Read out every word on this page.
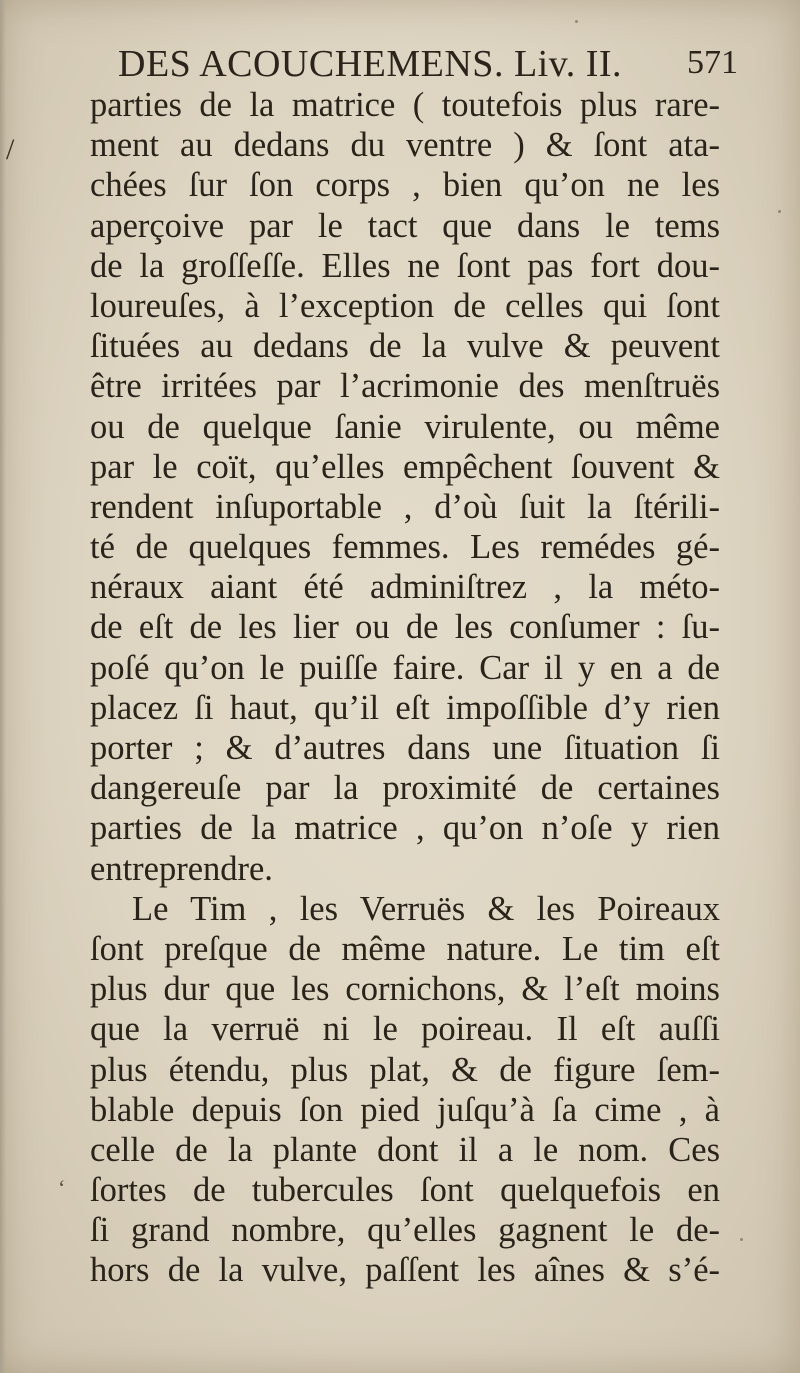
DES ACOUCHEMENS. Liv. II. 571
/
‘
parties de la matrice ( toutefois plus rare-
ment au dedans du ventre ) & ſont ata-
chées ſur ſon corps , bien qu’on ne les
aperçoive par le tact que dans le tems
de la groſſeſſe. Elles ne ſont pas fort dou-
loureuſes, à l’exception de celles qui ſont
ſituées au dedans de la vulve & peuvent
être irritées par l’acrimonie des menſtruës
ou de quelque ſanie virulente, ou même
par le coït, qu’elles empêchent ſouvent &
rendent inſuportable , d’où ſuit la ſtérili-
té de quelques femmes. Les remédes gé-
néraux aiant été adminiſtrez , la méto-
de eſt de les lier ou de les conſumer : ſu-
poſé qu’on le puiſſe faire. Car il y en a de
placez ſi haut, qu’il eſt impoſſible d’y rien
porter ; & d’autres dans une ſituation ſi
dangereuſe par la proximité de certaines
parties de la matrice , qu’on n’oſe y rien
entreprendre.
Le Tim , les Verruës & les Poireaux
ſont preſque de même nature. Le tim eſt
plus dur que les cornichons, & l’eſt moins
que la verruë ni le poireau. Il eſt auſſi
plus étendu, plus plat, & de figure ſem-
blable depuis ſon pied juſqu’à ſa cime , à
celle de la plante dont il a le nom. Ces
ſortes de tubercules ſont quelquefois en
ſi grand nombre, qu’elles gagnent le de-
hors de la vulve, paſſent les aînes & s’é-
